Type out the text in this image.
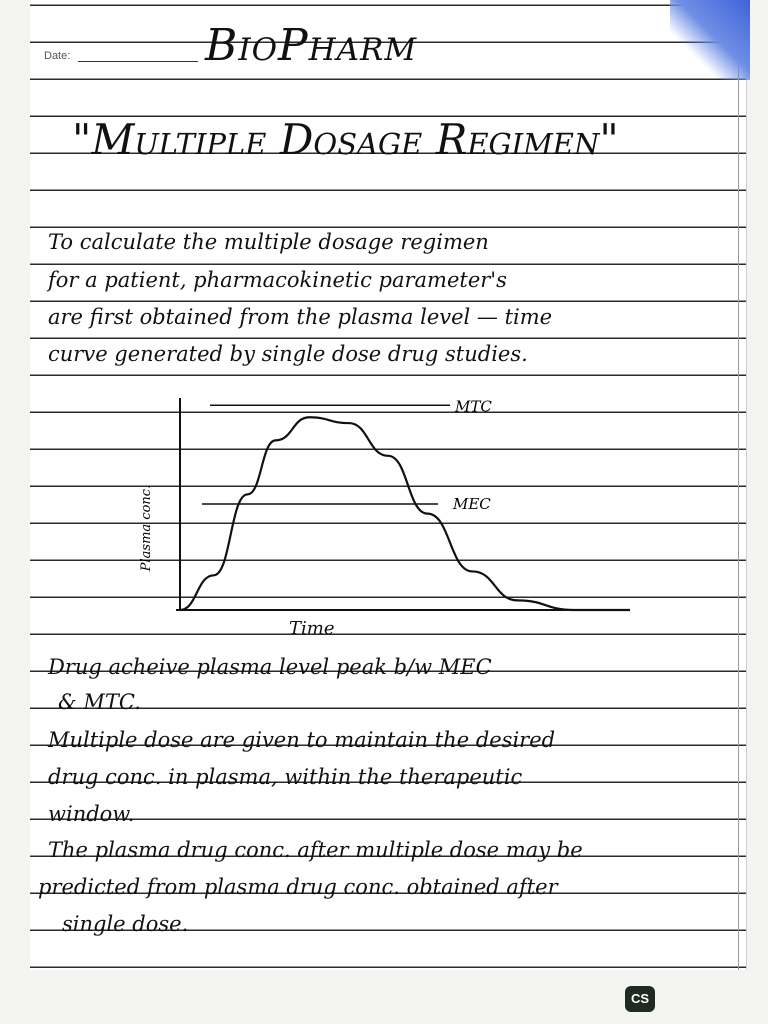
Date:	BioPharm
"Multiple Dosage Regimen"
To calculate the multiple dosage regimen
for a patient, pharmacokinetic parameter's
are first obtained from the plasma level — time
curve generated by single dose drug studies.
MTC
MEC
Plasma conc.
Time
Drug acheive plasma level peak b/w MEC
& MTC.
Multiple dose are given to maintain the desired
drug conc. in plasma, within the therapeutic
window.
The plasma drug conc. after multiple dose may be
predicted from plasma drug conc. obtained after
single dose.
CS
